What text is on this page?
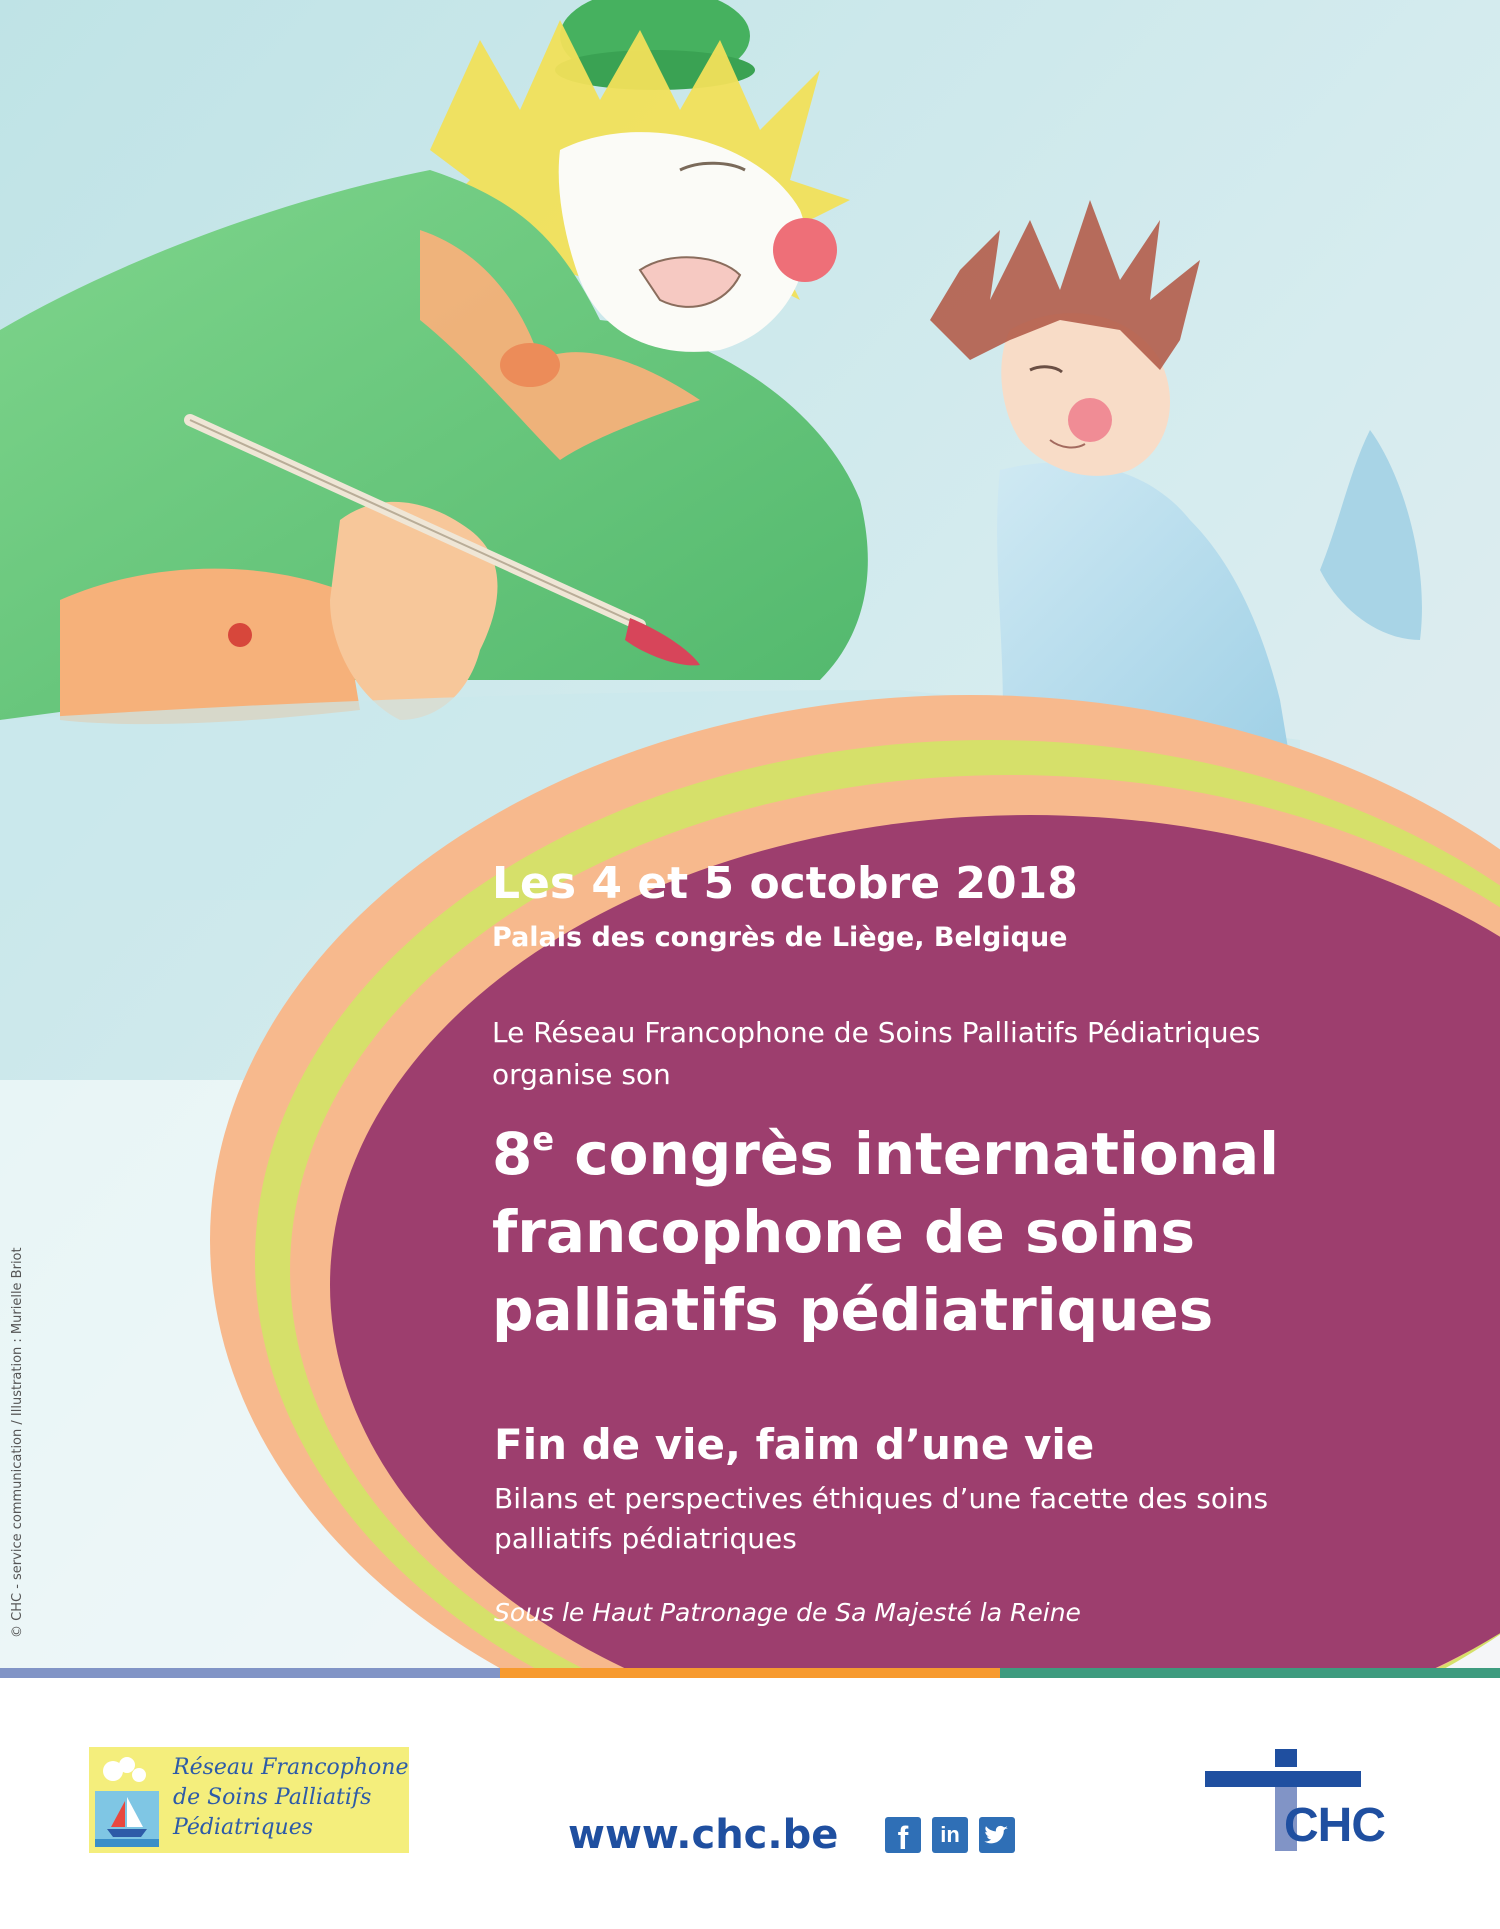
Les 4 et 5 octobre 2018
Palais des congrès de Liège, Belgique
Le Réseau Francophone de Soins Palliatifs Pédiatriques
organise son
8e congrès international
francophone de soins
palliatifs pédiatriques
Fin de vie, faim d’une vie
Bilans et perspectives éthiques d’une facette des soins
palliatifs pédiatriques
Sous le Haut Patronage de Sa Majesté la Reine
© CHC - service communication / Illustration : Murielle Briot
Réseau Francophone
de Soins Palliatifs
Pédiatriques	www.chc.be	f	in	CHC
